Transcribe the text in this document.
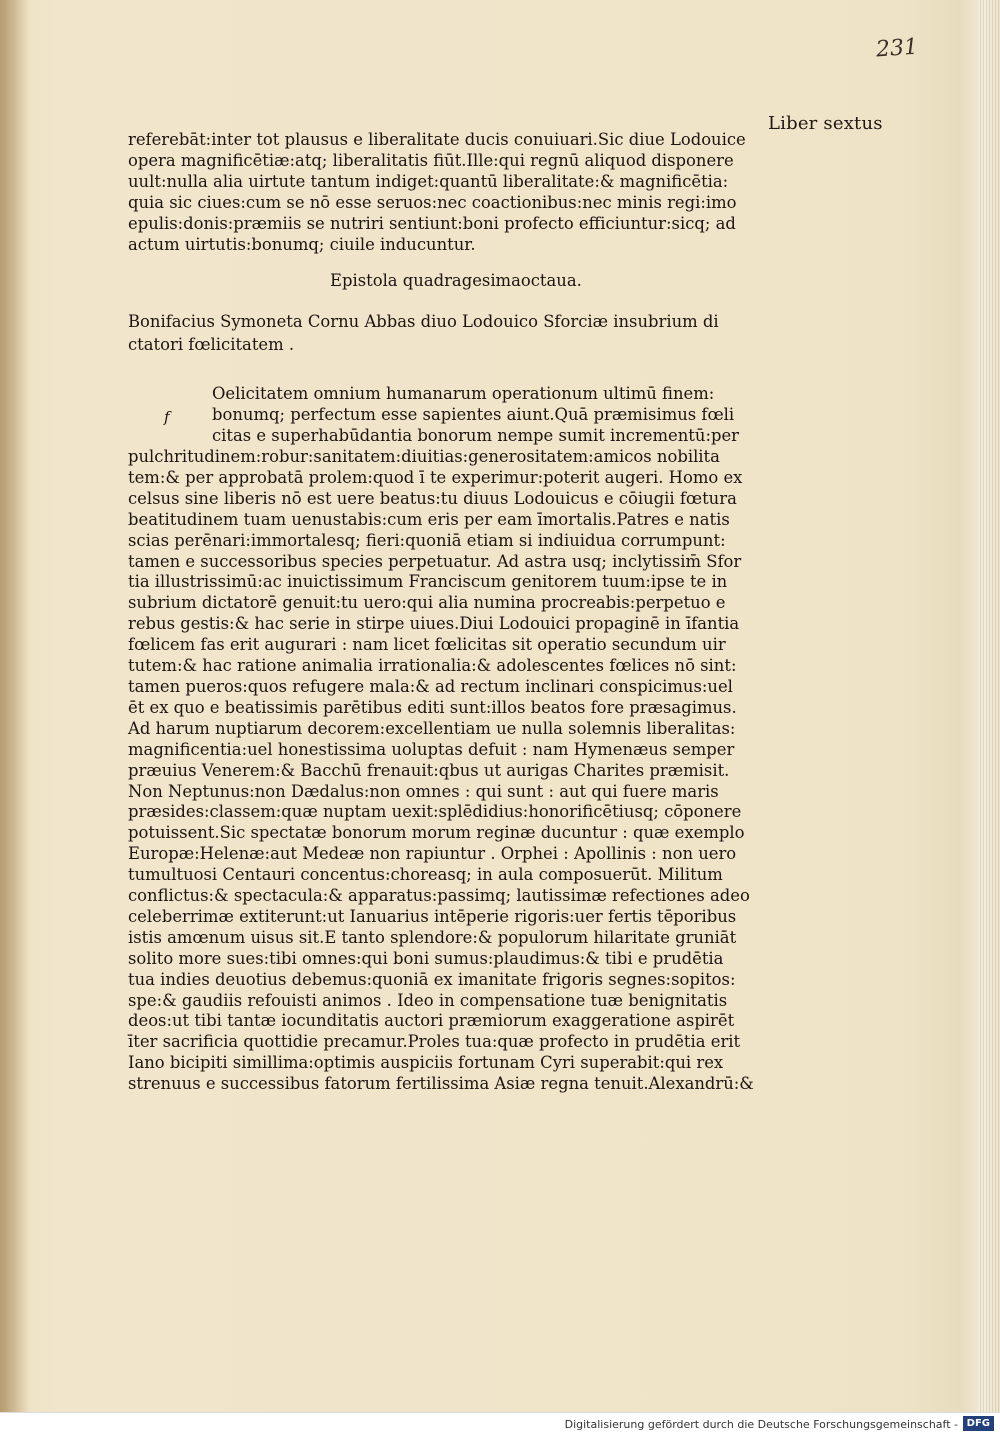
231
Liber sextus
referebāt:inter tot plausus e liberalitate ducis conuiuari.Sic diue Lodouice
opera magnificētiæ:atq; liberalitatis fiūt.Ille:qui regnū aliquod disponere
uult:nulla alia uirtute tantum indiget:quantū liberalitate:& magnificētia:
quia sic ciues:cum se nō esse seruos:nec coactionibus:nec minis regi:imo
epulis:donis:præmiis se nutriri sentiunt:boni profecto efficiuntur:sicq; ad
actum uirtutis:bonumq; ciuile inducuntur.
Epistola quadragesimaoctaua.
Bonifacius Symoneta Cornu Abbas diuo Lodouico Sforciæ insubrium di
ctatori fœlicitatem .
f
Oelicitatem omnium humanarum operationum ultimū finem:
bonumq; perfectum esse sapientes aiunt.Quā præmisimus fœli
citas e superhabūdantia bonorum nempe sumit incrementū:per
pulchritudinem:robur:sanitatem:diuitias:generositatem:amicos nobilita
tem:& per approbatā prolem:quod ī te experimur:poterit augeri. Homo ex
celsus sine liberis nō est uere beatus:tu diuus Lodouicus e cōiugii fœtura
beatitudinem tuam uenustabis:cum eris per eam īmortalis.Patres e natis
scias perēnari:immortalesq; fieri:quoniā etiam si indiuidua corrumpunt:
tamen e successoribus species perpetuatur. Ad astra usq; inclytissim̄ Sfor
tia illustrissimū:ac inuictissimum Franciscum genitorem tuum:ipse te in
subrium dictatorē genuit:tu uero:qui alia numina procreabis:perpetuo e
rebus gestis:& hac serie in stirpe uiues.Diui Lodouici propaginē in īfantia
fœlicem fas erit augurari : nam licet fœlicitas sit operatio secundum uir
tutem:& hac ratione animalia irrationalia:& adolescentes fœlices nō sint:
tamen pueros:quos refugere mala:& ad rectum inclinari conspicimus:uel
ēt ex quo e beatissimis parētibus editi sunt:illos beatos fore præsagimus.
Ad harum nuptiarum decorem:excellentiam ue nulla solemnis liberalitas:
magnificentia:uel honestissima uoluptas defuit : nam Hymenæus semper
præuius Venerem:& Bacchū frenauit:qbus ut aurigas Charites præmisit.
Non Neptunus:non Dædalus:non omnes : qui sunt : aut qui fuere maris
præsides:classem:quæ nuptam uexit:splēdidius:honorificētiusq; cōponere
potuissent.Sic spectatæ bonorum morum reginæ ducuntur : quæ exemplo
Europæ:Helenæ:aut Medeæ non rapiuntur . Orphei : Apollinis : non uero
tumultuosi Centauri concentus:choreasq; in aula composuerūt. Militum
conflictus:& spectacula:& apparatus:passimq; lautissimæ refectiones adeo
celeberrimæ extiterunt:ut Ianuarius intēperie rigoris:uer fertis tēporibus
istis amœnum uisus sit.E tanto splendore:& populorum hilaritate gruniāt
solito more sues:tibi omnes:qui boni sumus:plaudimus:& tibi e prudētia
tua indies deuotius debemus:quoniā ex imanitate frigoris segnes:sopitos:
spe:& gaudiis refouisti animos . Ideo in compensatione tuæ benignitatis
deos:ut tibi tantæ iocunditatis auctori præmiorum exaggeratione aspirēt
īter sacrificia quottidie precamur.Proles tua:quæ profecto in prudētia erit
Iano bicipiti simillima:optimis auspiciis fortunam Cyri superabit:qui rex
strenuus e successibus fatorum fertilissima Asiæ regna tenuit.Alexandrū:&
Digitalisierung gefördert durch die Deutsche Forschungsgemeinschaft - DFG
